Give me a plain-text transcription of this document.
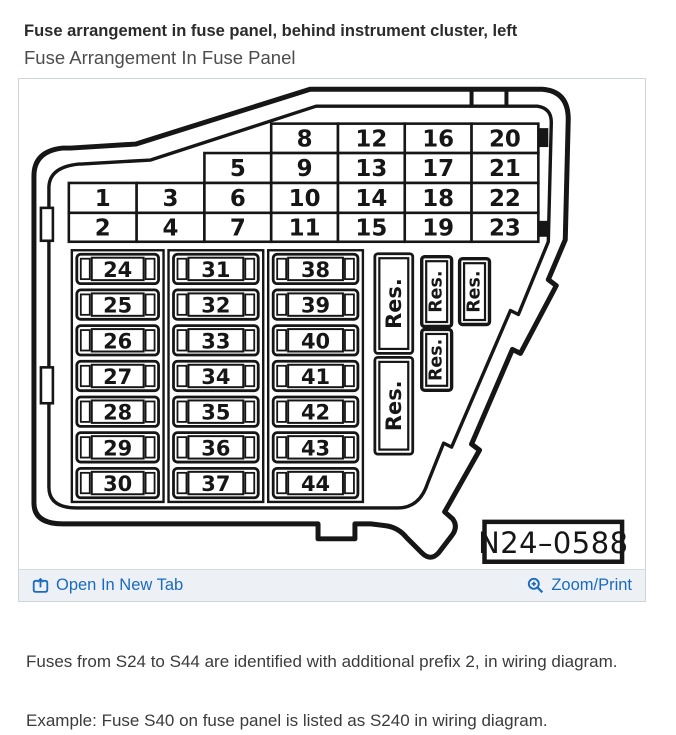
Fuse arrangement in fuse panel, behind instrument cluster, left
Fuse Arrangement In Fuse Panel
1
2
3
4
5
6
7
8
9
10
11
12
13
14
15
16
17
18
19
20
21
22
23
24
25
26
27
28
29
30
31
32
33
34
35
36
37
38
39
40
41
42
43
44
Res.
Res.
Res.
Res.
Res.
N24–0588
Open In New Tab	Zoom/Print

Fuses from S24 to S44 are identified with additional prefix 2, in wiring diagram.

Example: Fuse S40 on fuse panel is listed as S240 in wiring diagram.
